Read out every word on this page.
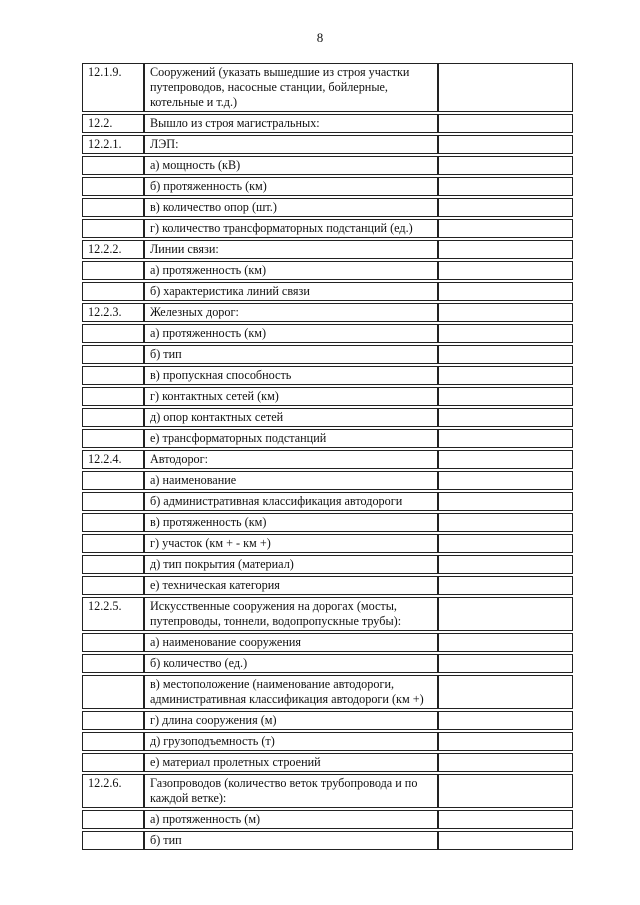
8
12.1.9.	Сооружений (указать вышедшие из строя участки путепроводов, насосные станции, бойлерные, котельные и т.д.)	
12.2.	Вышло из строя магистральных:	
12.2.1.	ЛЭП:	
	а) мощность (кВ)	
	б) протяженность (км)	
	в) количество опор (шт.)	
	г) количество трансформаторных подстанций (ед.)	
12.2.2.	Линии связи:	
	а) протяженность (км)	
	б) характеристика линий связи	
12.2.3.	Железных дорог:	
	а) протяженность (км)	
	б) тип	
	в) пропускная способность	
	г) контактных сетей (км)	
	д) опор контактных сетей	
	е) трансформаторных подстанций	
12.2.4.	Автодорог:	
	а) наименование	
	б) административная классификация автодороги	
	в) протяженность (км)	
	г) участок (км + - км +)	
	д) тип покрытия (материал)	
	е) техническая категория	
12.2.5.	Искусственные сооружения на дорогах (мосты, путепроводы, тоннели, водопропускные трубы):	
	а) наименование сооружения	
	б) количество (ед.)	
	в) местоположение (наименование автодороги, административная классификация автодороги (км +)	
	г) длина сооружения (м)	
	д) грузоподъемность (т)	
	е) материал пролетных строений	
12.2.6.	Газопроводов (количество веток трубопровода и по каждой ветке):	
	а) протяженность (м)	
	б) тип	
